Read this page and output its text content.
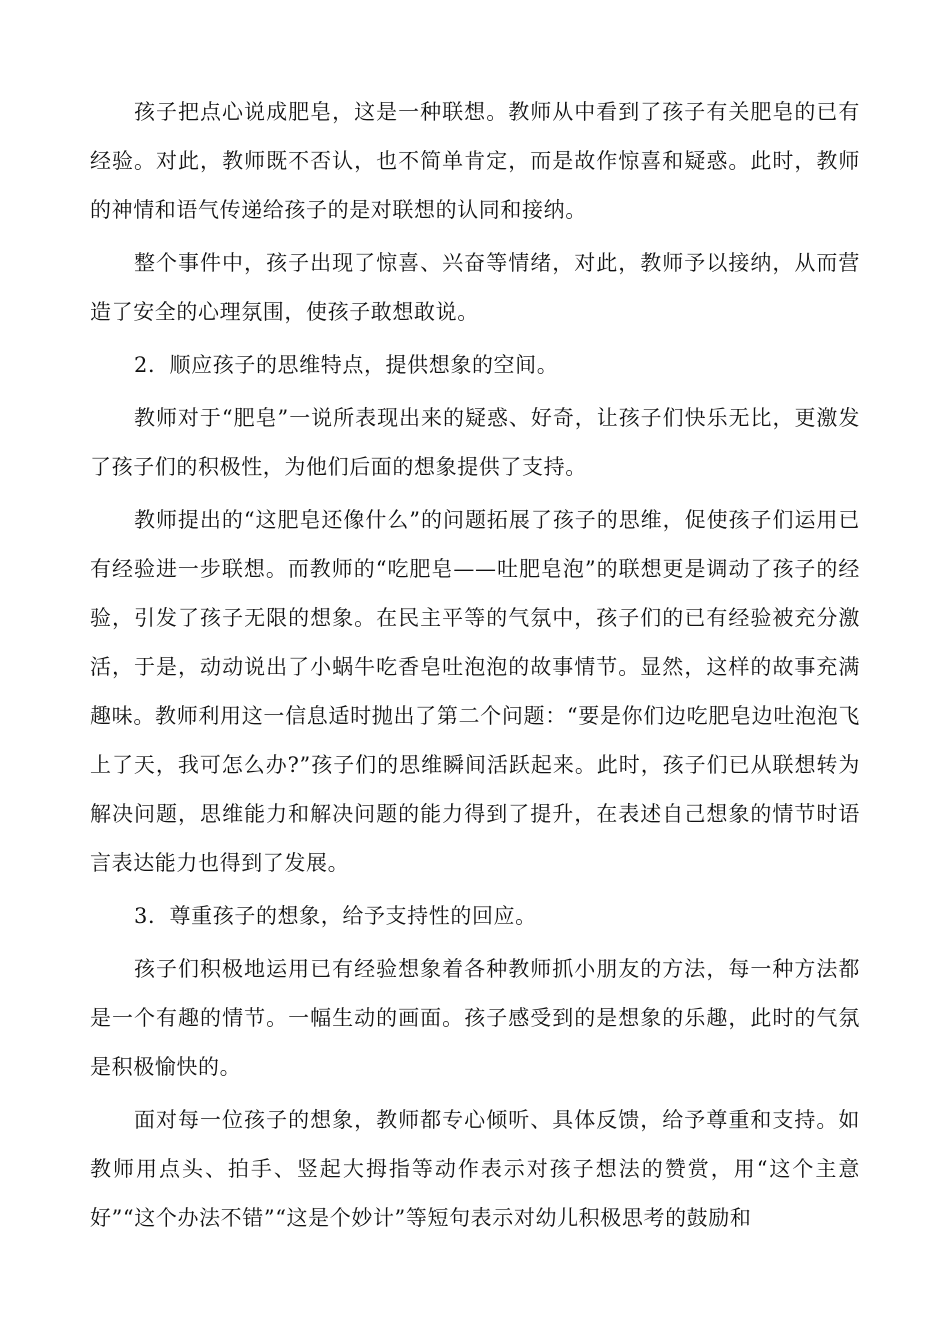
孩子把点心说成肥皂，这是一种联想。教师从中看到了孩子有关肥皂的已有经验。对此，教师既不否认，也不简单肯定，而是故作惊喜和疑惑。此时，教师的神情和语气传递给孩子的是对联想的认同和接纳。

整个事件中，孩子出现了惊喜、兴奋等情绪，对此，教师予以接纳，从而营造了安全的心理氛围，使孩子敢想敢说。

2．顺应孩子的思维特点，提供想象的空间。

教师对于“肥皂”一说所表现出来的疑惑、好奇，让孩子们快乐无比，更激发了孩子们的积极性，为他们后面的想象提供了支持。

教师提出的“这肥皂还像什么”的问题拓展了孩子的思维，促使孩子们运用已有经验进一步联想。而教师的“吃肥皂——吐肥皂泡”的联想更是调动了孩子的经验，引发了孩子无限的想象。在民主平等的气氛中，孩子们的已有经验被充分激活，于是，动动说出了小蜗牛吃香皂吐泡泡的故事情节。显然，这样的故事充满趣味。教师利用这一信息适时抛出了第二个问题：“要是你们边吃肥皂边吐泡泡飞上了天，我可怎么办?”孩子们的思维瞬间活跃起来。此时，孩子们已从联想转为解决问题，思维能力和解决问题的能力得到了提升，在表述自己想象的情节时语言表达能力也得到了发展。

3．尊重孩子的想象，给予支持性的回应。

孩子们积极地运用已有经验想象着各种教师抓小朋友的方法，每一种方法都是一个有趣的情节。一幅生动的画面。孩子感受到的是想象的乐趣，此时的气氛是积极愉快的。

面对每一位孩子的想象，教师都专心倾听、具体反馈，给予尊重和支持。如教师用点头、拍手、竖起大拇指等动作表示对孩子想法的赞赏，用“这个主意好”“这个办法不错”“这是个妙计”等短句表示对幼儿积极思考的鼓励和
